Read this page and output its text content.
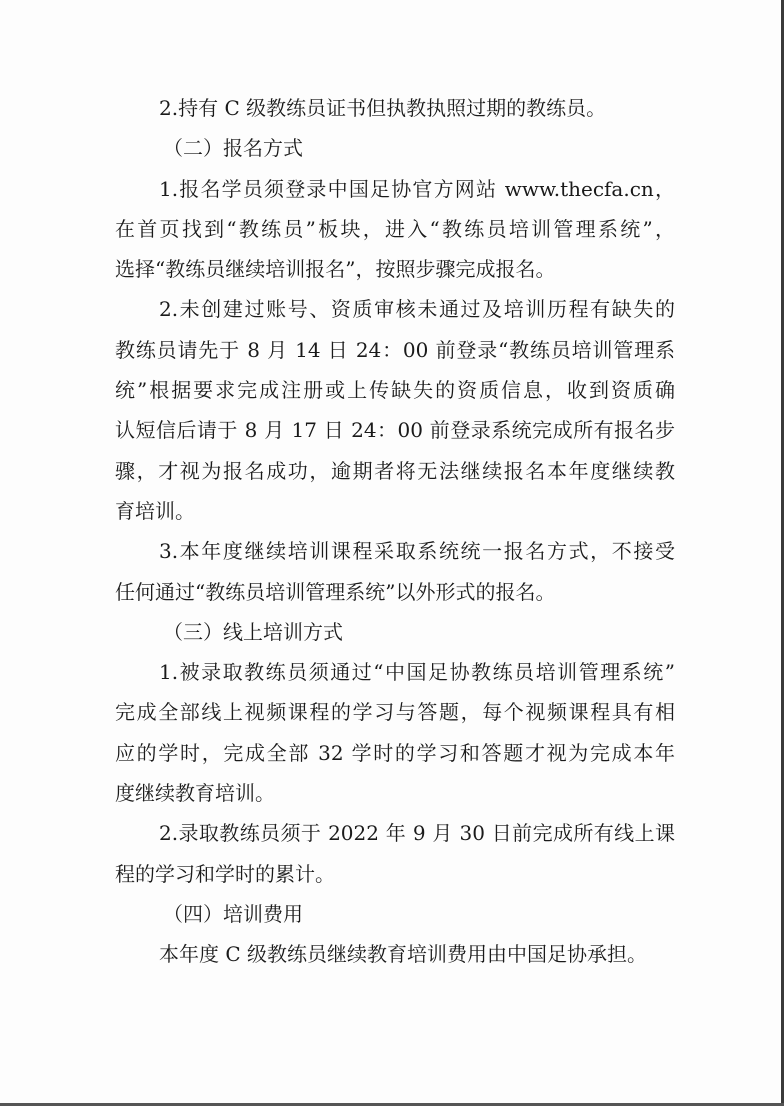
2.持有 C 级教练员证书但执教执照过期的教练员。
（二）报名方式
1.报名学员须登录中国足协官方网站 www.thecfa.cn，
在首页找到“教练员”板块，进入“教练员培训管理系统”，
选择“教练员继续培训报名”，按照步骤完成报名。
2.未创建过账号、资质审核未通过及培训历程有缺失的
教练员请先于 8 月 14 日 24：00 前登录“教练员培训管理系
统”根据要求完成注册或上传缺失的资质信息，收到资质确
认短信后请于 8 月 17 日 24：00 前登录系统完成所有报名步
骤，才视为报名成功，逾期者将无法继续报名本年度继续教
育培训。
3.本年度继续培训课程采取系统统一报名方式，不接受
任何通过“教练员培训管理系统”以外形式的报名。
（三）线上培训方式
1.被录取教练员须通过“中国足协教练员培训管理系统”
完成全部线上视频课程的学习与答题，每个视频课程具有相
应的学时，完成全部 32 学时的学习和答题才视为完成本年
度继续教育培训。
2.录取教练员须于 2022 年 9 月 30 日前完成所有线上课
程的学习和学时的累计。
（四）培训费用
本年度 C 级教练员继续教育培训费用由中国足协承担。
